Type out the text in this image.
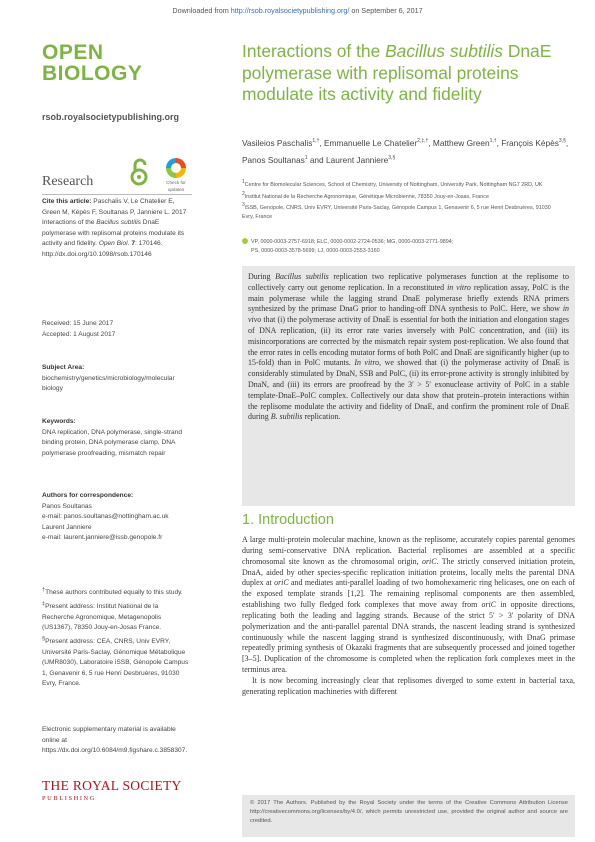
Downloaded from http://rsob.royalsocietypublishing.org/ on September 6, 2017
OPEN
BIOLOGY
rsob.royalsocietypublishing.org
Research	Check for
updates
Cite this article: Paschalis V, Le Chatelier E, Green M, Képès F, Soultanas P, Janniere L. 2017 Interactions of the Bacillus subtilis DnaE polymerase with replisomal proteins modulate its activity and fidelity. Open Biol. 7: 170146. http://dx.doi.org/10.1098/rsob.170146
Received: 15 June 2017
Accepted: 1 August 2017
Subject Area:
biochemistry/genetics/microbiology/molecular biology
Keywords:
DNA replication, DNA polymerase, single-strand binding protein, DNA polymerase clamp, DNA polymerase proofreading, mismatch repair
Authors for correspondence:
Panos Soultanas
e-mail: panos.soultanas@nottingham.ac.uk
Laurent Janniere
e-mail: laurent.janniere@issb.genopole.fr
†These authors contributed equally to this study.
‡Present address: Institut National de la Recherche Agronomique, Metagenopolis (US1367), 78350 Jouy-en-Josas France.
§Present address: CEA, CNRS, Univ EVRY, Université Paris-Saclay, Génomique Métabolique (UMR8030), Laboratoire iSSB, Génopole Campus 1, Genavenir 6, 5 rue Henri Desbruères, 91030 Evry, France.
Electronic supplementary material is available online at https://dx.doi.org/10.6084/m9.figshare.c.3858307.
THE ROYAL SOCIETY
PUBLISHING
Interactions of the Bacillus subtilis DnaE polymerase with replisomal proteins modulate its activity and fidelity
Vasileios Paschalis$^{1,\dagger}$, Emmanuelle Le Chatelier$^{2,\ddagger,\dagger}$, Matthew Green$^{1,\dagger}$, François Képès$^{3,\S}$, Panos Soultanas$^1$ and Laurent Janniere$^{3,\S}$
$^1$Centre for Biomolecular Sciences, School of Chemistry, University of Nottingham, University Park, Nottingham NG7 2RD, UK
$^2$Institut National de la Recherche Agronomique, Génétique Microbienne, 78350 Jouy-en-Josas, France
$^3$iSSB, Genopole, CNRS, Univ EVRY, Université Paris-Saclay, Génopole Campus 1, Genavenir 6, 5 rue Henri Desbruères, 91030 Evry, France
VP, 0000-0003-2757-6918; ELC, 0000-0002-2724-0536; MG, 0000-0003-2771-9894;
PS, 0000-0003-3578-5699; LJ, 0000-0003-2553-3160
During Bacillus subtilis replication two replicative polymerases function at the replisome to collectively carry out genome replication. In a reconstituted in vitro replication assay, PolC is the main polymerase while the lagging strand DnaE polymerase briefly extends RNA primers synthesized by the primase DnaG prior to handing-off DNA synthesis to PolC. Here, we show in vivo that (i) the polymerase activity of DnaE is essential for both the initiation and elongation stages of DNA replication, (ii) its error rate varies inversely with PolC concentration, and (iii) its misincorporations are corrected by the mismatch repair system post-replication. We also found that the error rates in cells encoding mutator forms of both PolC and DnaE are significantly higher (up to 15-fold) than in PolC mutants. In vitro, we showed that (i) the polymerase activity of DnaE is considerably stimulated by DnaN, SSB and PolC, (ii) its error-prone activity is strongly inhibited by DnaN, and (iii) its errors are proofread by the 3′ > 5′ exonuclease activity of PolC in a stable template-DnaE–PolC complex. Collectively our data show that protein–protein interactions within the replisome modulate the activity and fidelity of DnaE, and confirm the prominent role of DnaE during B. subtilis replication.
1. Introduction

A large multi-protein molecular machine, known as the replisome, accurately copies parental genomes during semi-conservative DNA replication. Bacterial replisomes are assembled at a specific chromosomal site known as the chromosomal origin, oriC. The strictly conserved initiation protein, DnaA, aided by other species-specific replication initiation proteins, locally melts the parental DNA duplex at oriC and mediates anti-parallel loading of two homohexameric ring helicases, one on each of the exposed template strands [1,2]. The remaining replisomal components are then assembled, establishing two fully fledged fork complexes that move away from oriC in opposite directions, replicating both the leading and lagging strands. Because of the strict 5′ > 3′ polarity of DNA polymerization and the anti-parallel parental DNA strands, the nascent leading strand is synthesized continuously while the nascent lagging strand is synthesized discontinuously, with DnaG primase repeatedly priming synthesis of Okazaki fragments that are subsequently processed and joined together [3–5]. Duplication of the chromosome is completed when the replication fork complexes meet in the terminus area.

It is now becoming increasingly clear that replisomes diverged to some extent in bacterial taxa, generating replication machineries with different

© 2017 The Authors. Published by the Royal Society under the terms of the Creative Commons Attribution License http://creativecommons.org/licenses/by/4.0/, which permits unrestricted use, provided the original author and source are credited.
